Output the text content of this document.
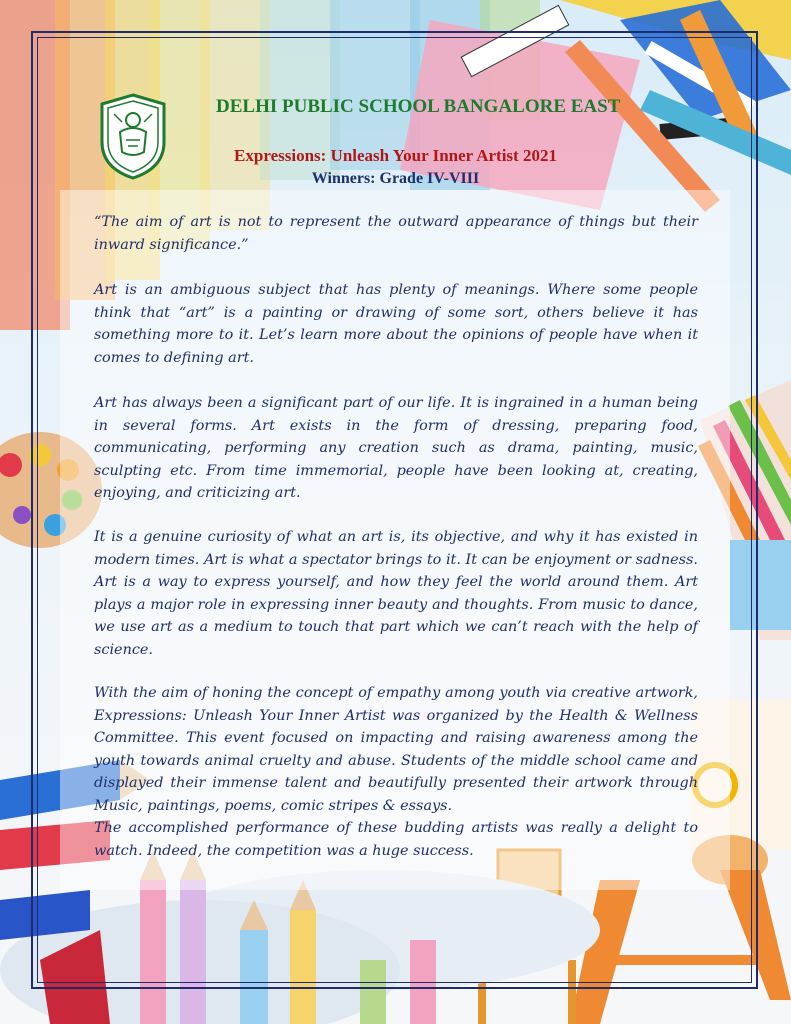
DELHI PUBLIC SCHOOL BANGALORE EAST
Expressions: Unleash Your Inner Artist 2021
Winners: Grade IV-VIII

“The aim of art is not to represent the outward appearance of things but their inward significance.”

Art is an ambiguous subject that has plenty of meanings. Where some people think that “art” is a painting or drawing of some sort, others believe it has something more to it. Let’s learn more about the opinions of people have when it comes to defining art.

Art has always been a significant part of our life. It is ingrained in a human being in several forms. Art exists in the form of dressing, preparing food, communicating, performing any creation such as drama, painting, music, sculpting etc. From time immemorial, people have been looking at, creating, enjoying, and criticizing art.

It is a genuine curiosity of what an art is, its objective, and why it has existed in modern times. Art is what a spectator brings to it. It can be enjoyment or sadness. Art is a way to express yourself, and how they feel the world around them. Art plays a major role in expressing inner beauty and thoughts. From music to dance, we use art as a medium to touch that part which we can’t reach with the help of science.

With the aim of honing the concept of empathy among youth via creative artwork, Expressions: Unleash Your Inner Artist was organized by the Health & Wellness Committee. This event focused on impacting and raising awareness among the youth towards animal cruelty and abuse. Students of the middle school came and displayed their immense talent and beautifully presented their artwork through Music, paintings, poems, comic stripes & essays.

The accomplished performance of these budding artists was really a delight to watch. Indeed, the competition was a huge success.
